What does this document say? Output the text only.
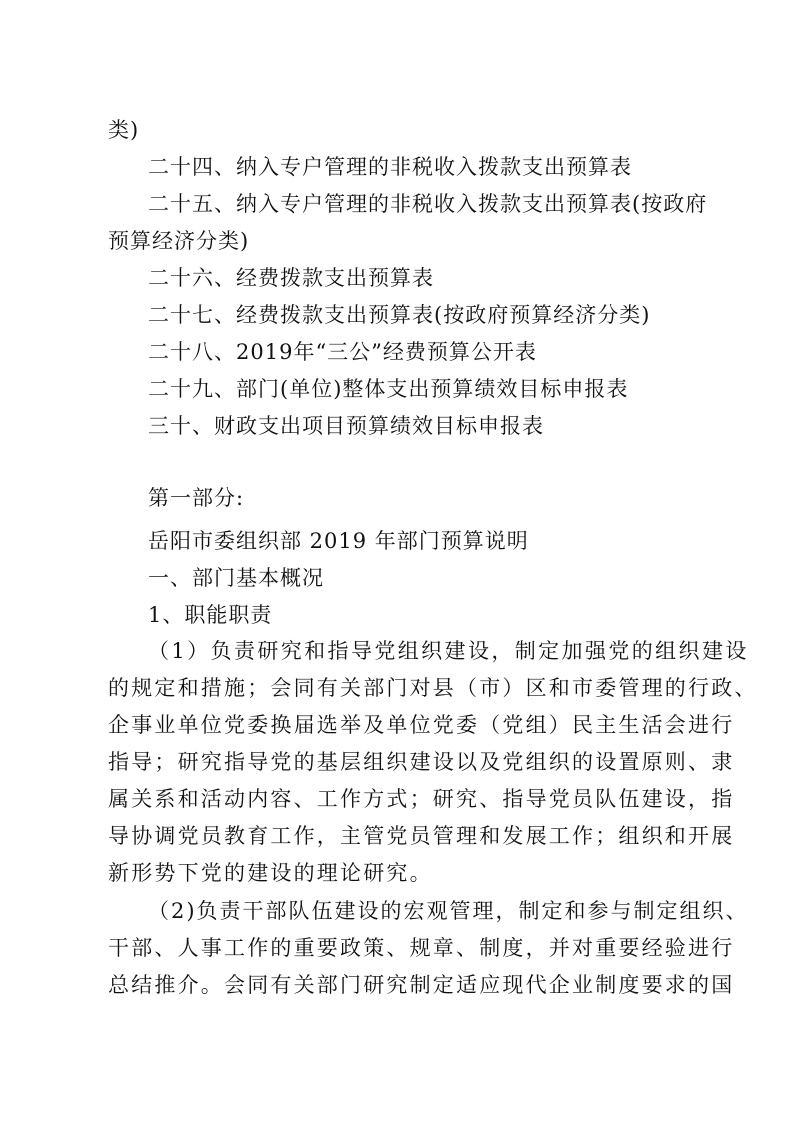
类)

二十四、纳入专户管理的非税收入拨款支出预算表

二十五、纳入专户管理的非税收入拨款支出预算表(按政府

预算经济分类)

二十六、经费拨款支出预算表

二十七、经费拨款支出预算表(按政府预算经济分类)

二十八、2019年“三公”经费预算公开表

二十九、部门(单位)整体支出预算绩效目标申报表

三十、财政支出项目预算绩效目标申报表

第一部分:

岳阳市委组织部 2019 年部门预算说明

一、部门基本概况

1、职能职责

（1）负责研究和指导党组织建设，制定加强党的组织建设

的规定和措施；会同有关部门对县（市）区和市委管理的行政、

企事业单位党委换届选举及单位党委（党组）民主生活会进行

指导；研究指导党的基层组织建设以及党组织的设置原则、隶

属关系和活动内容、工作方式；研究、指导党员队伍建设，指

导协调党员教育工作，主管党员管理和发展工作；组织和开展

新形势下党的建设的理论研究。

（2)负责干部队伍建设的宏观管理，制定和参与制定组织、

干部、人事工作的重要政策、规章、制度，并对重要经验进行

总结推介。会同有关部门研究制定适应现代企业制度要求的国
